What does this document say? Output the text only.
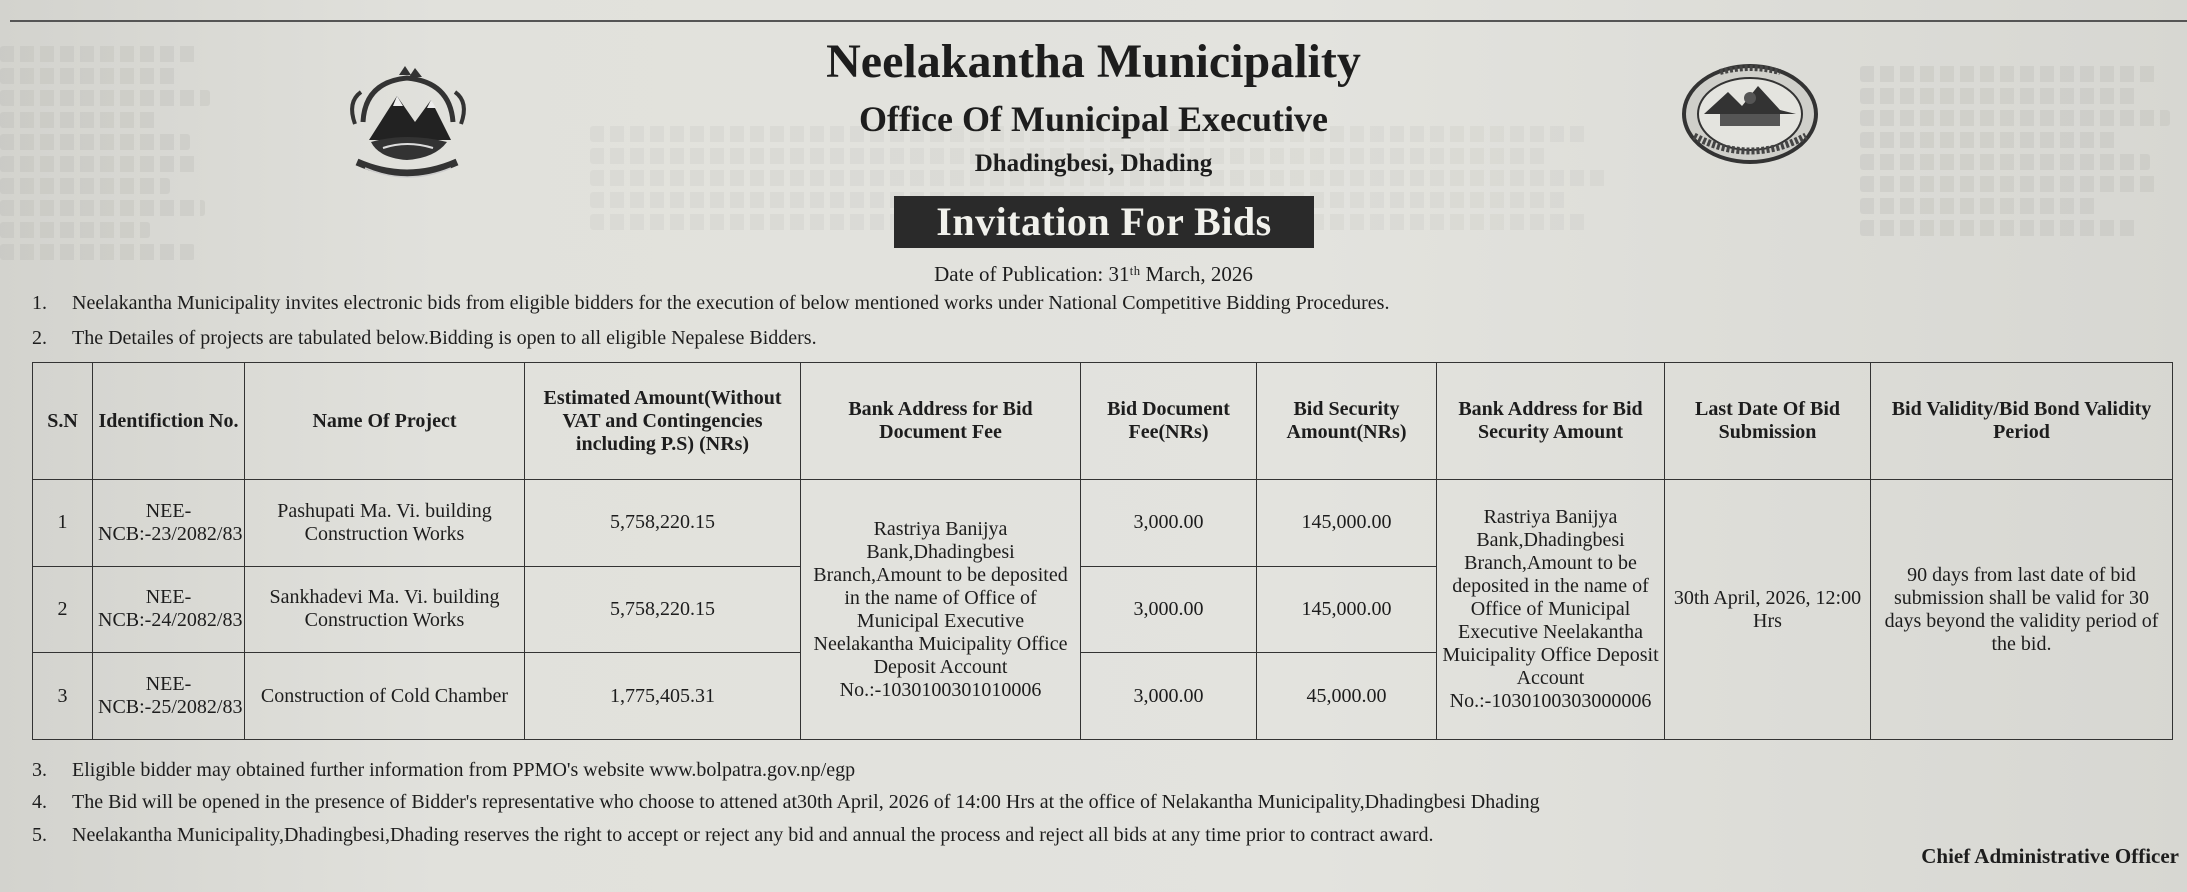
Neelakantha Municipality
Office Of Municipal Executive
Dhadingbesi, Dhading
Invitation For Bids
Date of Publication: 31ᵗʰ March, 2026
1. Neelakantha Municipality invites electronic bids from eligible bidders for the execution of below mentioned works under National Competitive Bidding Procedures.
2. The Detailes of projects are tabulated below.Bidding is open to all eligible Nepalese Bidders.
S.N	Identifiction No.	Name Of Project	Estimated Amount(Without VAT and Contingencies including P.S) (NRs)	Bank Address for Bid Document Fee	Bid Document Fee(NRs)	Bid Security Amount(NRs)	Bank Address for Bid Security Amount	Last Date Of Bid Submission	Bid Validity/Bid Bond Validity Period
1	NEE-NCB:-23/2082/83	Pashupati Ma. Vi. building Construction Works	5,758,220.15	Rastriya Banijya Bank,Dhadingbesi Branch,Amount to be deposited in the name of Office of Municipal Executive Neelakantha Muicipality Office Deposit Account No.:-1030100301010006	3,000.00	145,000.00	Rastriya Banijya Bank,Dhadingbesi Branch,Amount to be deposited in the name of Office of Municipal Executive Neelakantha Muicipality Office Deposit Account No.:-1030100303000006	30th April, 2026, 12:00 Hrs	90 days from last date of bid submission shall be valid for 30 days beyond the validity period of the bid.
2	NEE-NCB:-24/2082/83	Sankhadevi Ma. Vi. building Construction Works	5,758,220.15		3,000.00	145,000.00			
3	NEE-NCB:-25/2082/83	Construction of Cold Chamber	1,775,405.31		3,000.00	45,000.00			
3. Eligible bidder may obtained further information from PPMO's website www.bolpatra.gov.np/egp
4. The Bid will be opened in the presence of Bidder's representative who choose to attened at30th April, 2026 of 14:00 Hrs at the office of Nelakantha Municipality,Dhadingbesi Dhading
5. Neelakantha Municipality,Dhadingbesi,Dhading reserves the right to accept or reject any bid and annual the process and reject all bids at any time prior to contract award.
Chief Administrative Officer
